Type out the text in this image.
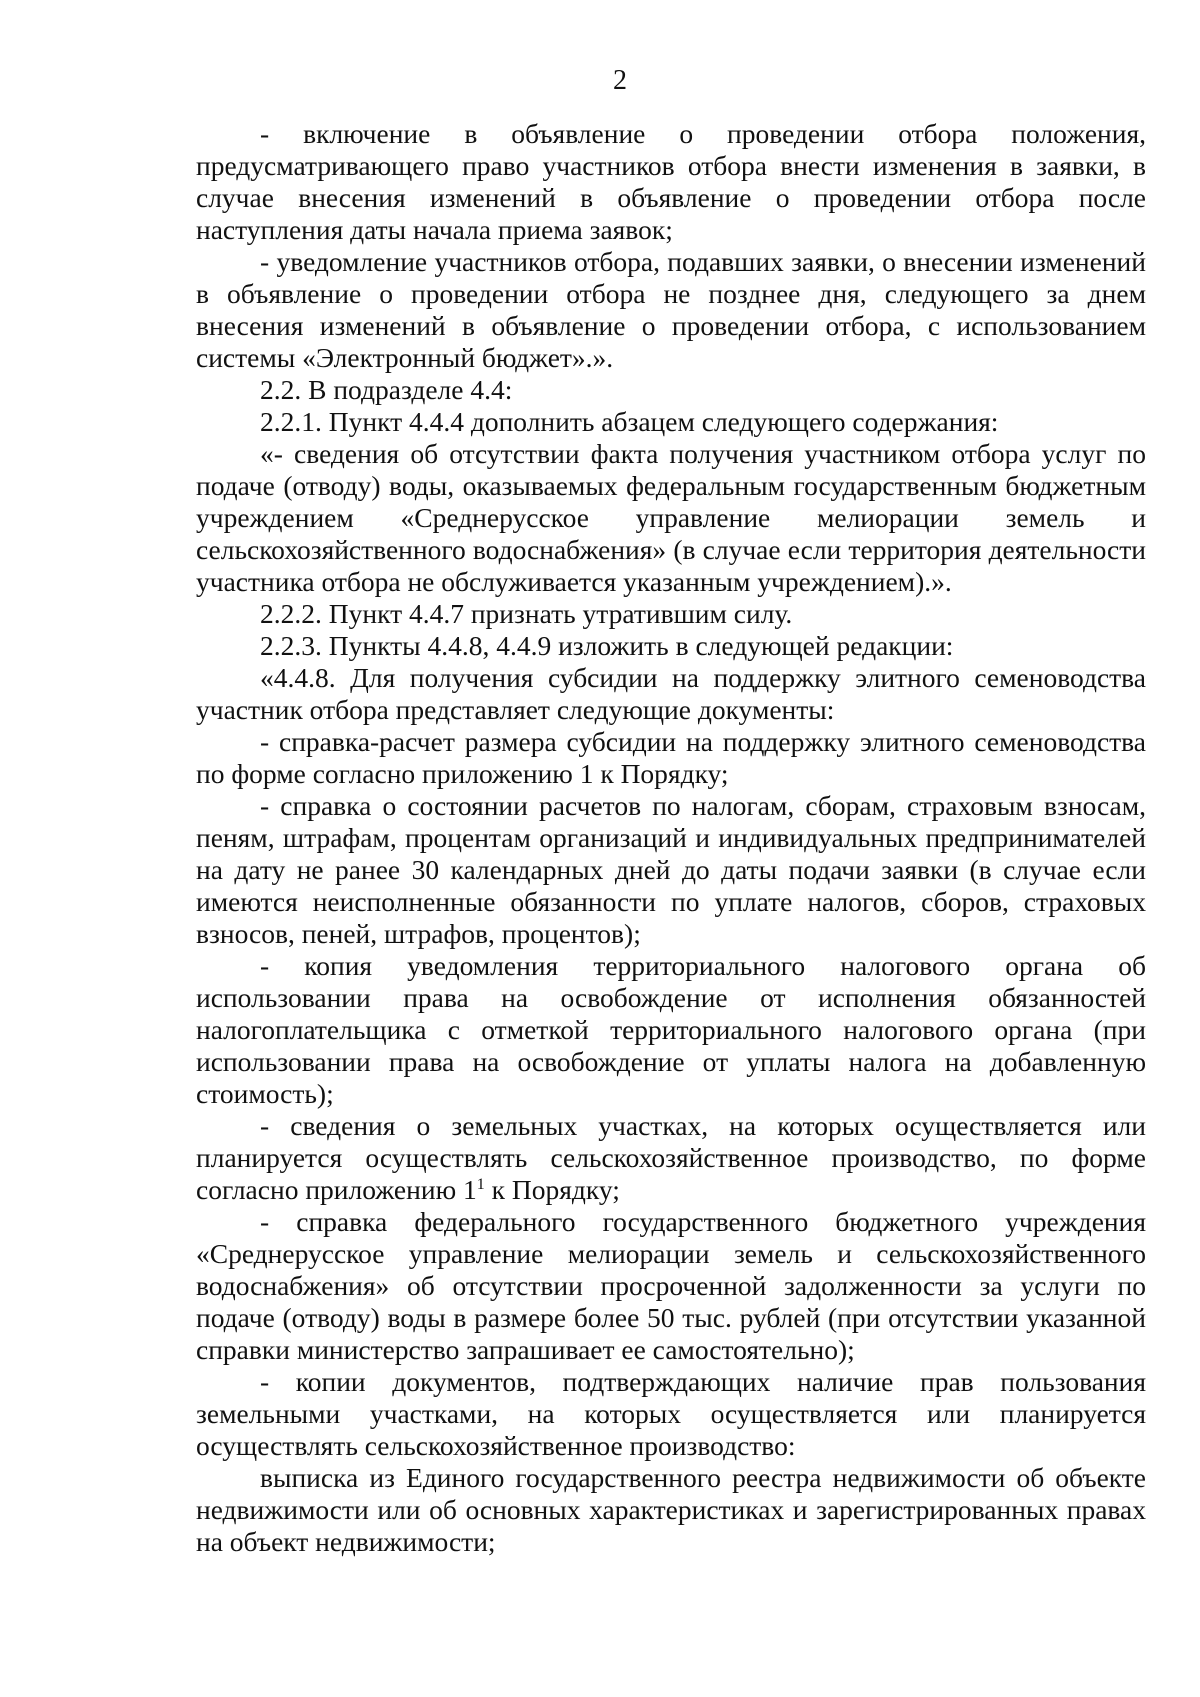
2

- включение в объявление о проведении отбора положения, предусматривающего право участников отбора внести изменения в заявки, в случае внесения изменений в объявление о проведении отбора после наступления даты начала приема заявок;

- уведомление участников отбора, подавших заявки, о внесении изменений в объявление о проведении отбора не позднее дня, следующего за днем внесения изменений в объявление о проведении отбора, с использованием системы «Электронный бюджет».».

2.2. В подразделе 4.4:

2.2.1. Пункт 4.4.4 дополнить абзацем следующего содержания:

«- сведения об отсутствии факта получения участником отбора услуг по подаче (отводу) воды, оказываемых федеральным государственным бюджетным учреждением «Среднерусское управление мелиорации земель и сельскохозяйственного водоснабжения» (в случае если территория деятельности участника отбора не обслуживается указанным учреждением).».

2.2.2. Пункт 4.4.7 признать утратившим силу.

2.2.3. Пункты 4.4.8, 4.4.9 изложить в следующей редакции:

«4.4.8. Для получения субсидии на поддержку элитного семеноводства участник отбора представляет следующие документы:

- справка-расчет размера субсидии на поддержку элитного семеноводства по форме согласно приложению 1 к Порядку;

- справка о состоянии расчетов по налогам, сборам, страховым взносам, пеням, штрафам, процентам организаций и индивидуальных предпринимателей на дату не ранее 30 календарных дней до даты подачи заявки (в случае если имеются неисполненные обязанности по уплате налогов, сборов, страховых взносов, пеней, штрафов, процентов);

- копия уведомления территориального налогового органа об использовании права на освобождение от исполнения обязанностей налогоплательщика с отметкой территориального налогового органа (при использовании права на освобождение от уплаты налога на добавленную стоимость);

- сведения о земельных участках, на которых осуществляется или планируется осуществлять сельскохозяйственное производство, по форме согласно приложению $1^1$ к Порядку;

- справка федерального государственного бюджетного учреждения «Среднерусское управление мелиорации земель и сельскохозяйственного водоснабжения» об отсутствии просроченной задолженности за услуги по подаче (отводу) воды в размере более 50 тыс. рублей (при отсутствии указанной справки министерство запрашивает ее самостоятельно);

- копии документов, подтверждающих наличие прав пользования земельными участками, на которых осуществляется или планируется осуществлять сельскохозяйственное производство:

выписка из Единого государственного реестра недвижимости об объекте недвижимости или об основных характеристиках и зарегистрированных правах на объект недвижимости;
